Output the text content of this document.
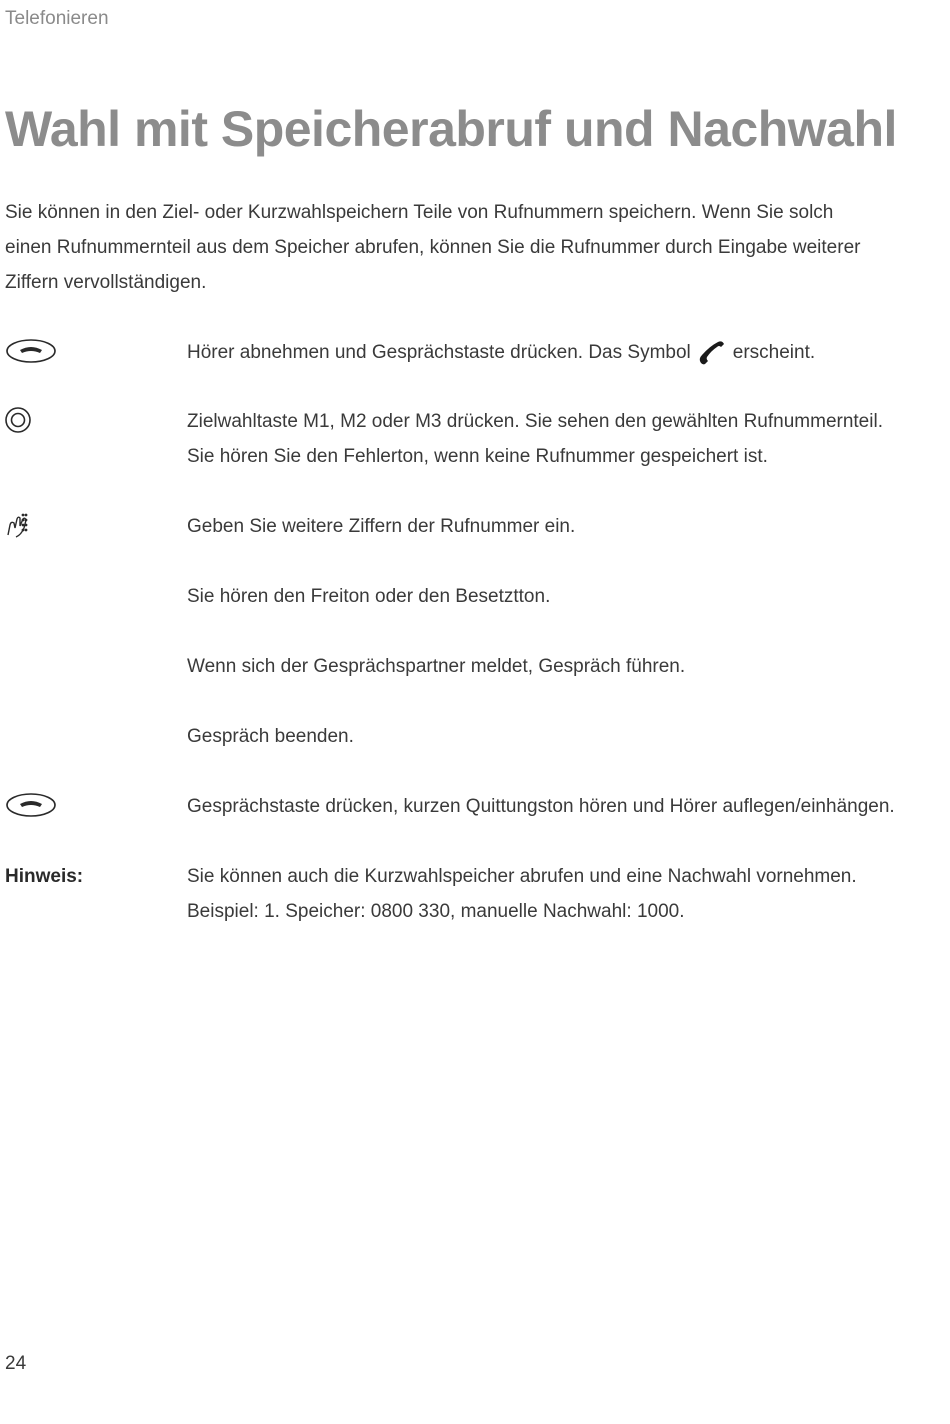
Telefonieren
Wahl mit Speicherabruf und Nachwahl

Sie können in den Ziel- oder Kurzwahlspeichern Teile von Rufnummern speichern. Wenn Sie solch einen Rufnummernteil aus dem Speicher abrufen, können Sie die Rufnummer durch Eingabe weiterer Ziffern vervollständigen.

Hörer abnehmen und Gesprächstaste drücken. Das Symbol erscheint.
Zielwahltaste M1, M2 oder M3 drücken. Sie sehen den gewählten Rufnummernteil.
Sie hören Sie den Fehlerton, wenn keine Rufnummer gespeichert ist.
Geben Sie weitere Ziffern der Rufnummer ein.
Sie hören den Freiton oder den Besetztton.
Wenn sich der Gesprächspartner meldet, Gespräch führen.
Gespräch beenden.
Gesprächstaste drücken, kurzen Quittungston hören und Hörer auflegen/einhängen.
Hinweis:	Sie können auch die Kurzwahlspeicher abrufen und eine Nachwahl vornehmen.
Beispiel: 1. Speicher: 0800 330, manuelle Nachwahl: 1000.
24
